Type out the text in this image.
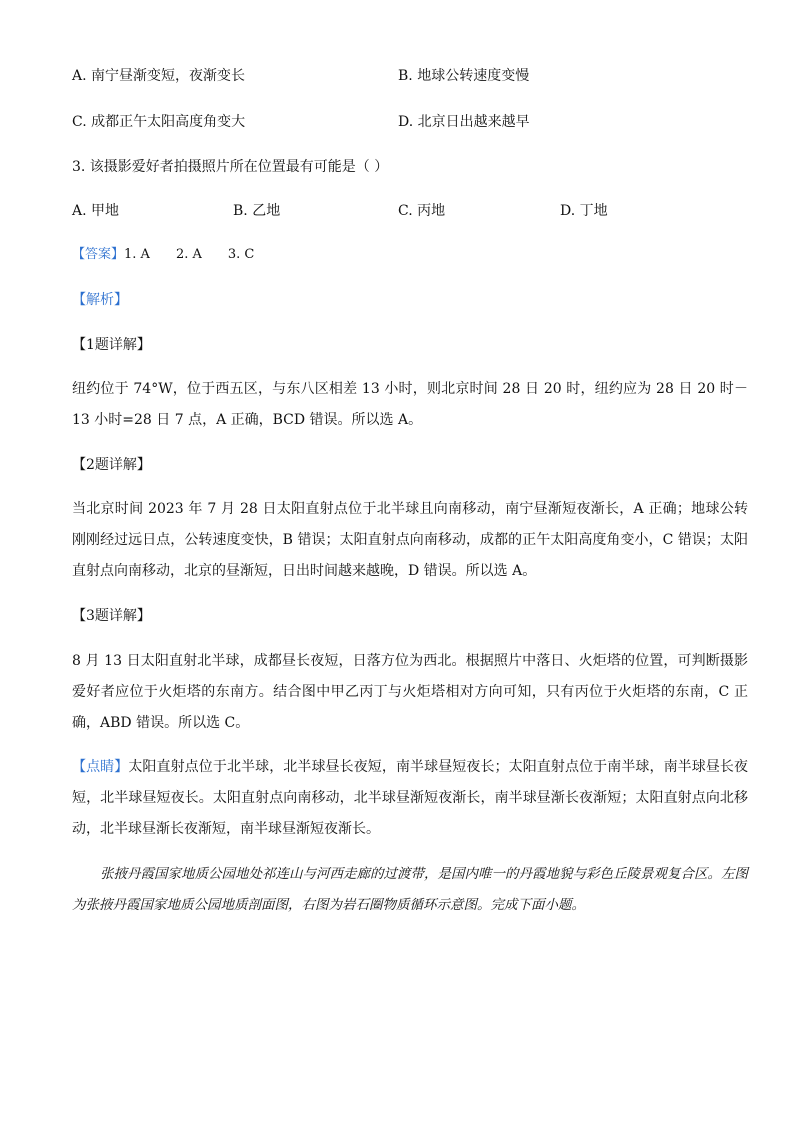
A. 南宁昼渐变短，夜渐变长	B. 地球公转速度变慢
C. 成都正午太阳高度角变大	D. 北京日出越来越早
3. 该摄影爱好者拍摄照片所在位置最有可能是（ ）
A. 甲地	B. 乙地	C. 丙地	D. 丁地
【答案】 1. A 2. A 3. C
【解析】
【1题详解】
纽约位于 74°W，位于西五区，与东八区相差 13 小时，则北京时间 28 日 20 时，纽约应为 28 日 20 时－13 小时=28 日 7 点，A 正确，BCD 错误。所以选 A。
【2题详解】
当北京时间 2023 年 7 月 28 日太阳直射点位于北半球且向南移动，南宁昼渐短夜渐长，A 正确；地球公转刚刚经过远日点，公转速度变快，B 错误；太阳直射点向南移动，成都的正午太阳高度角变小，C 错误；太阳直射点向南移动，北京的昼渐短，日出时间越来越晚，D 错误。所以选 A。
【3题详解】
8 月 13 日太阳直射北半球，成都昼长夜短，日落方位为西北。根据照片中落日、火炬塔的位置，可判断摄影爱好者应位于火炬塔的东南方。结合图中甲乙丙丁与火炬塔相对方向可知，只有丙位于火炬塔的东南，C 正确，ABD 错误。所以选 C。
【点睛】太阳直射点位于北半球，北半球昼长夜短，南半球昼短夜长；太阳直射点位于南半球，南半球昼长夜短，北半球昼短夜长。太阳直射点向南移动，北半球昼渐短夜渐长，南半球昼渐长夜渐短；太阳直射点向北移动，北半球昼渐长夜渐短，南半球昼渐短夜渐长。
张掖丹霞国家地质公园地处祁连山与河西走廊的过渡带，是国内唯一的丹霞地貌与彩色丘陵景观复合区。左图为张掖丹霞国家地质公园地质剖面图，右图为岩石圈物质循环示意图。完成下面小题。
